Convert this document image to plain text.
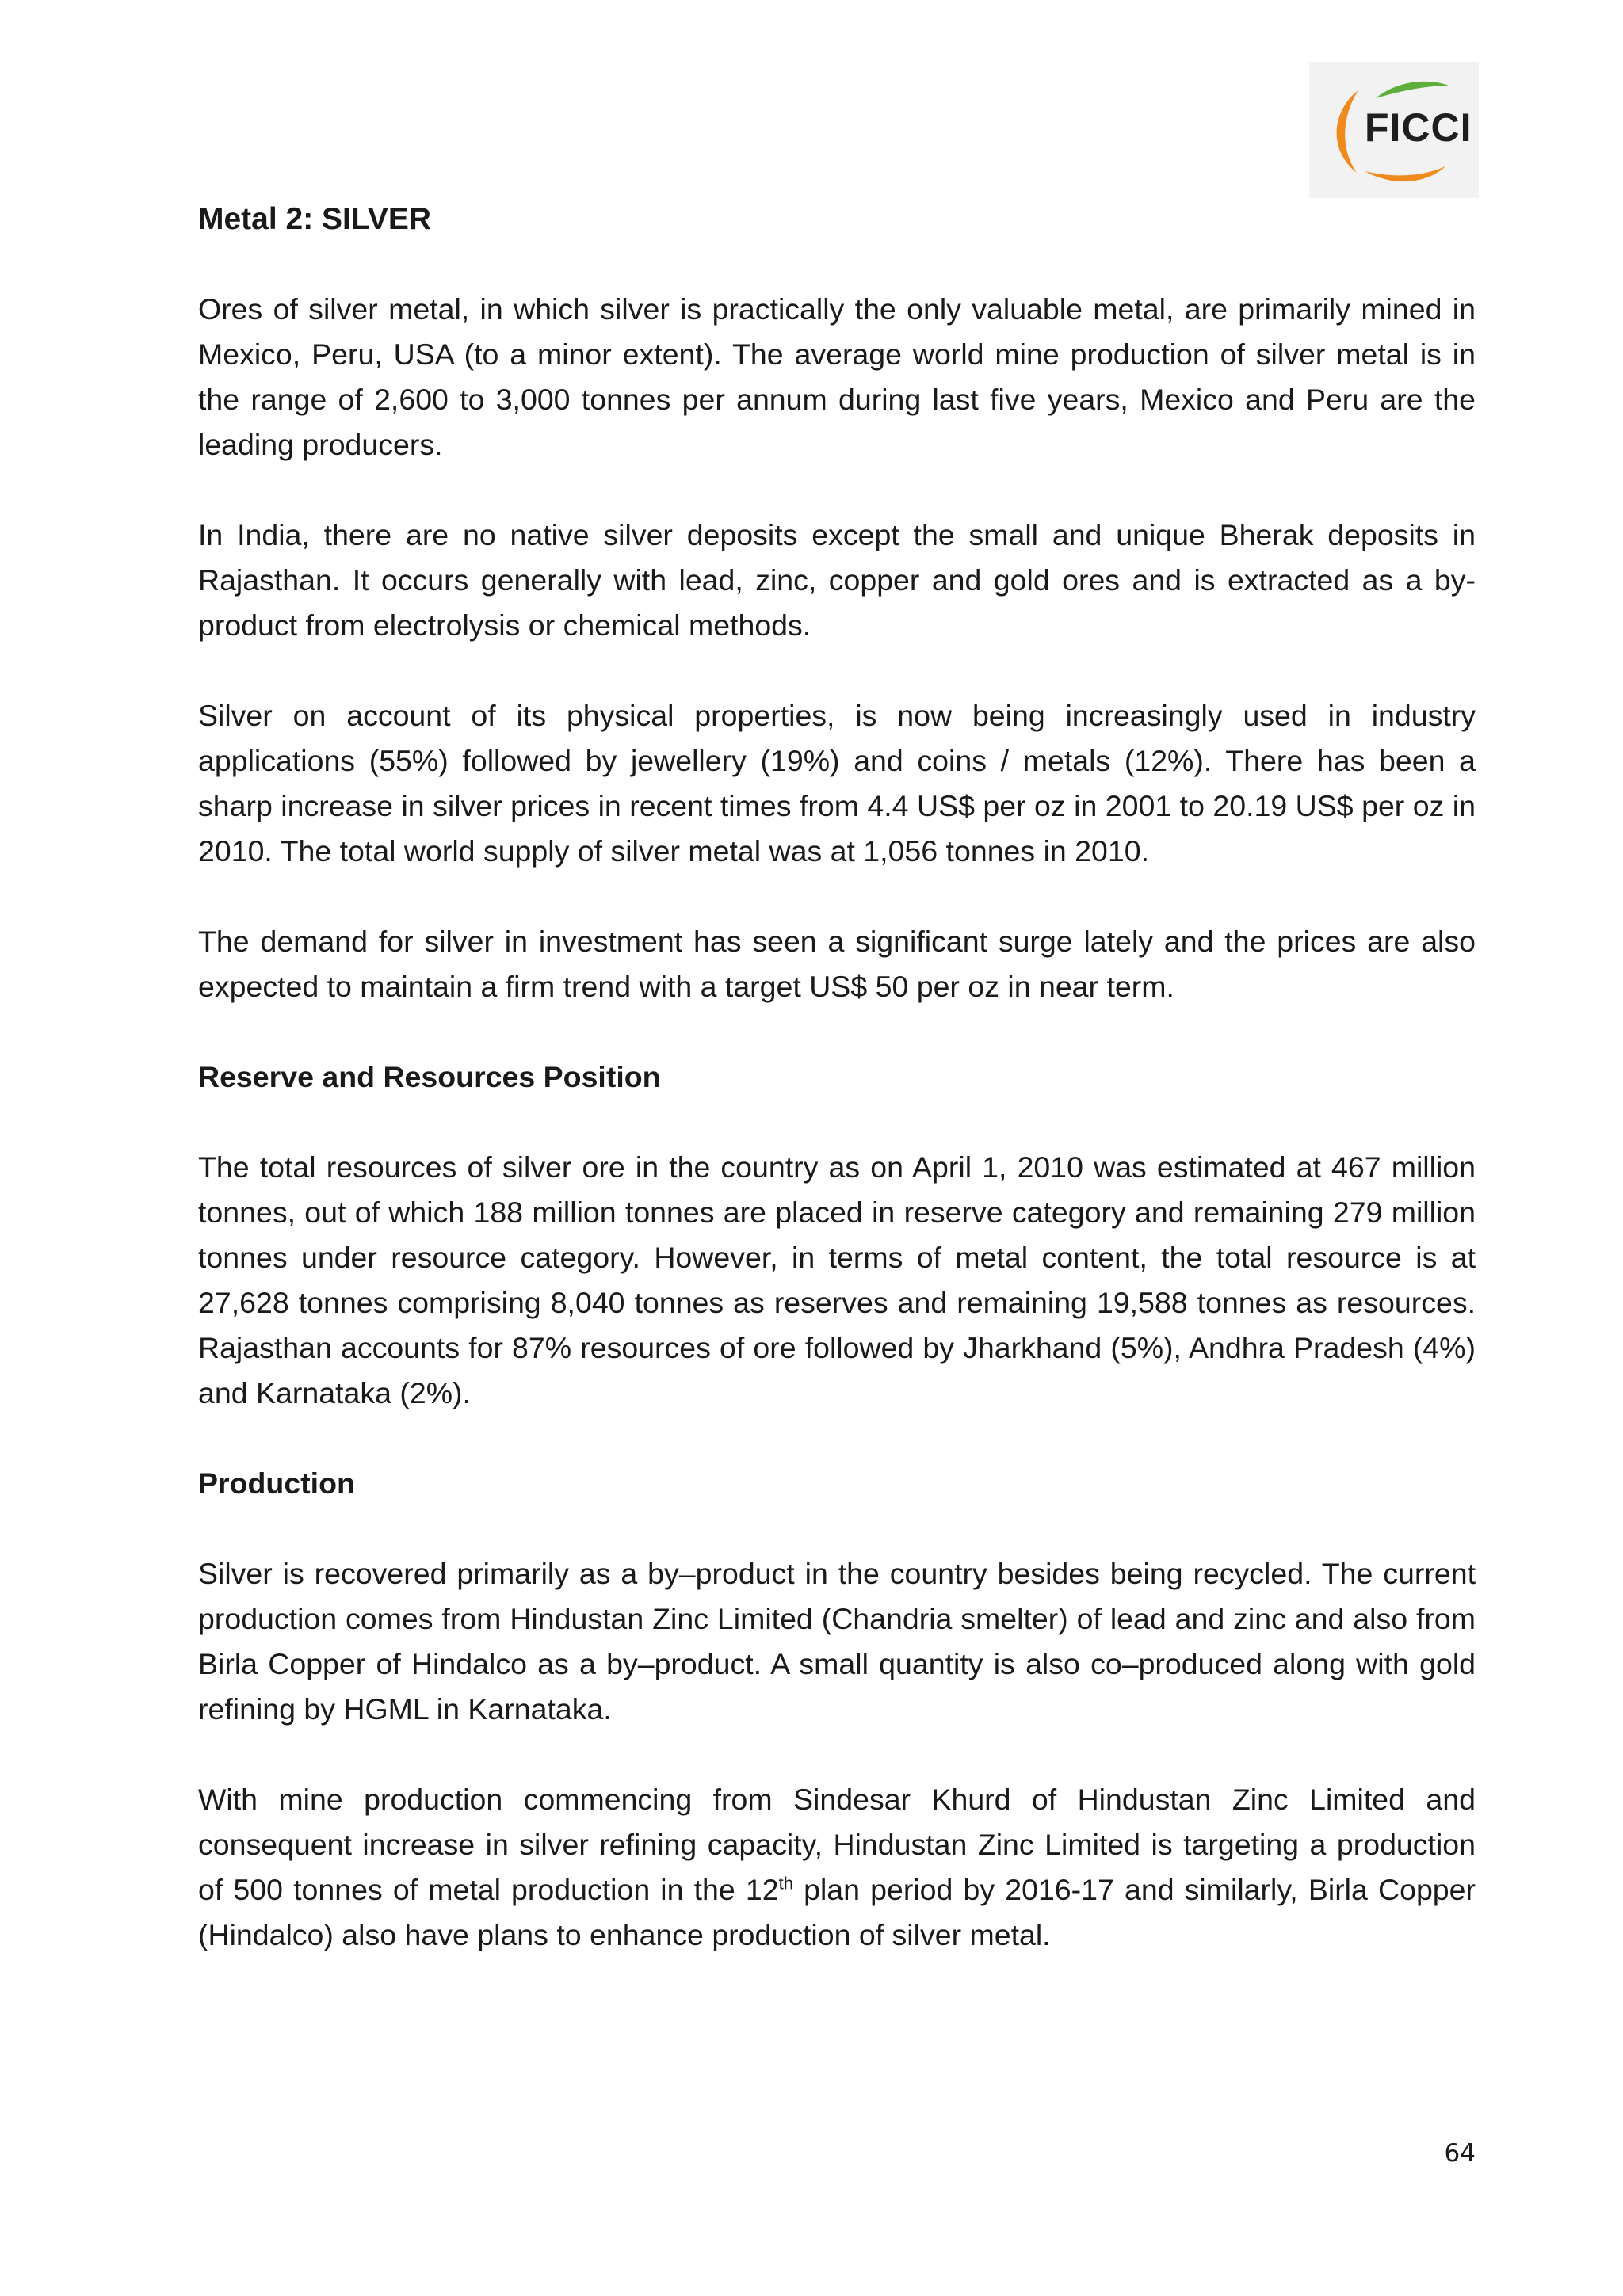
FICCI
Metal 2: SILVER

Ores of silver metal, in which silver is practically the only valuable metal, are primarily mined in Mexico, Peru, USA (to a minor extent). The average world mine production of silver metal is in the range of 2,600 to 3,000 tonnes per annum during last five years, Mexico and Peru are the leading producers.

In India, there are no native silver deposits except the small and unique Bherak deposits in Rajasthan. It occurs generally with lead, zinc, copper and gold ores and is extracted as a by-product from electrolysis or chemical methods.

Silver on account of its physical properties, is now being increasingly used in industry applications (55%) followed by jewellery (19%) and coins / metals (12%). There has been a sharp increase in silver prices in recent times from 4.4 US$ per oz in 2001 to 20.19 US$ per oz in 2010. The total world supply of silver metal was at 1,056 tonnes in 2010.

The demand for silver in investment has seen a significant surge lately and the prices are also expected to maintain a firm trend with a target US$ 50 per oz in near term.

Reserve and Resources Position

The total resources of silver ore in the country as on April 1, 2010 was estimated at 467 million tonnes, out of which 188 million tonnes are placed in reserve category and remaining 279 million tonnes under resource category. However, in terms of metal content, the total resource is at 27,628 tonnes comprising 8,040 tonnes as reserves and remaining 19,588 tonnes as resources. Rajasthan accounts for 87% resources of ore followed by Jharkhand (5%), Andhra Pradesh (4%) and Karnataka (2%).

Production

Silver is recovered primarily as a by–product in the country besides being recycled. The current production comes from Hindustan Zinc Limited (Chandria smelter) of lead and zinc and also from Birla Copper of Hindalco as a by–product. A small quantity is also co–produced along with gold refining by HGML in Karnataka.

With mine production commencing from Sindesar Khurd of Hindustan Zinc Limited and consequent increase in silver refining capacity, Hindustan Zinc Limited is targeting a production of 500 tonnes of metal production in the 12th plan period by 2016-17 and similarly, Birla Copper (Hindalco) also have plans to enhance production of silver metal.

64
